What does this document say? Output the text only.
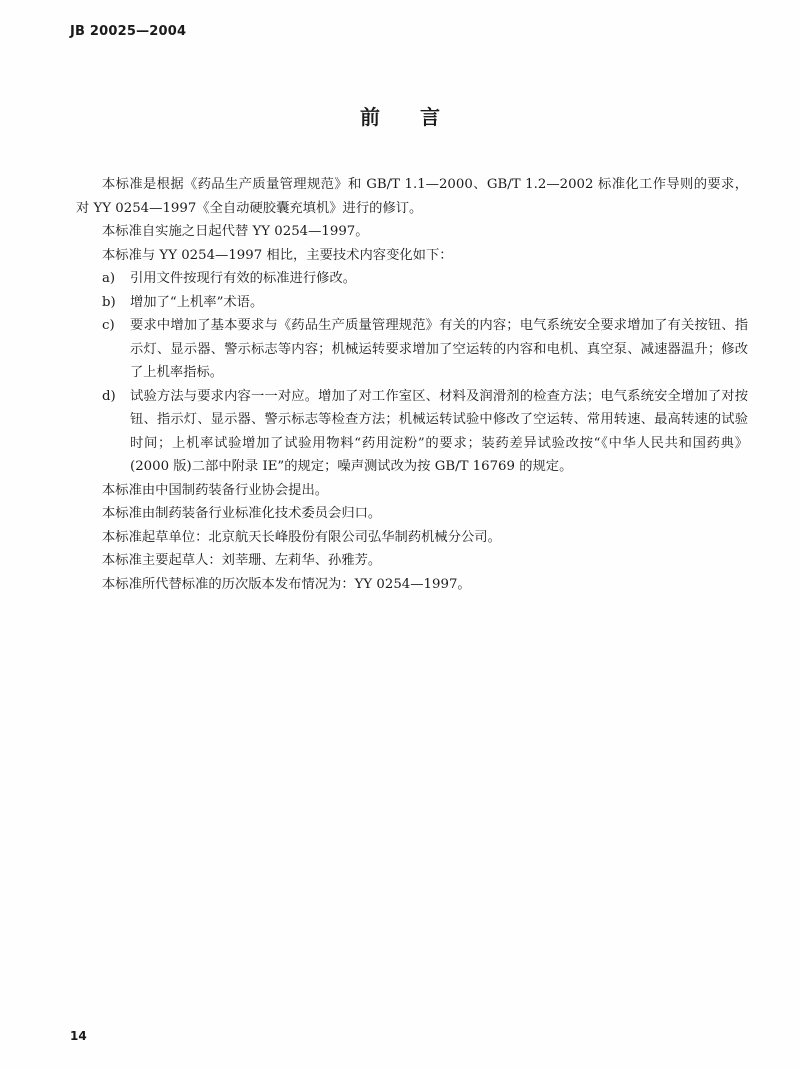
JB 20025—2004
前言

本标准是根据《药品生产质量管理规范》和 GB/T 1.1—2000、GB/T 1.2—2002 标准化工作导则的要求，对 YY 0254—1997《全自动硬胶囊充填机》进行的修订。

本标准自实施之日起代替 YY 0254—1997。

本标准与 YY 0254—1997 相比，主要技术内容变化如下：

a)	引用文件按现行有效的标准进行修改。
b)	增加了“上机率”术语。
c)	要求中增加了基本要求与《药品生产质量管理规范》有关的内容；电气系统安全要求增加了有关按钮、指示灯、显示器、警示标志等内容；机械运转要求增加了空运转的内容和电机、真空泵、减速器温升；修改了上机率指标。
d)	试验方法与要求内容一一对应。增加了对工作室区、材料及润滑剂的检查方法；电气系统安全增加了对按钮、指示灯、显示器、警示标志等检查方法；机械运转试验中修改了空运转、常用转速、最高转速的试验时间；上机率试验增加了试验用物料“药用淀粉”的要求；装药差异试验改按“《中华人民共和国药典》(2000 版)二部中附录 IE”的规定；噪声测试改为按 GB/T 16769 的规定。

本标准由中国制药装备行业协会提出。

本标准由制药装备行业标准化技术委员会归口。

本标准起草单位：北京航天长峰股份有限公司弘华制药机械分公司。

本标准主要起草人：刘莘珊、左莉华、孙雅芳。

本标准所代替标准的历次版本发布情况为：YY 0254—1997。

14
